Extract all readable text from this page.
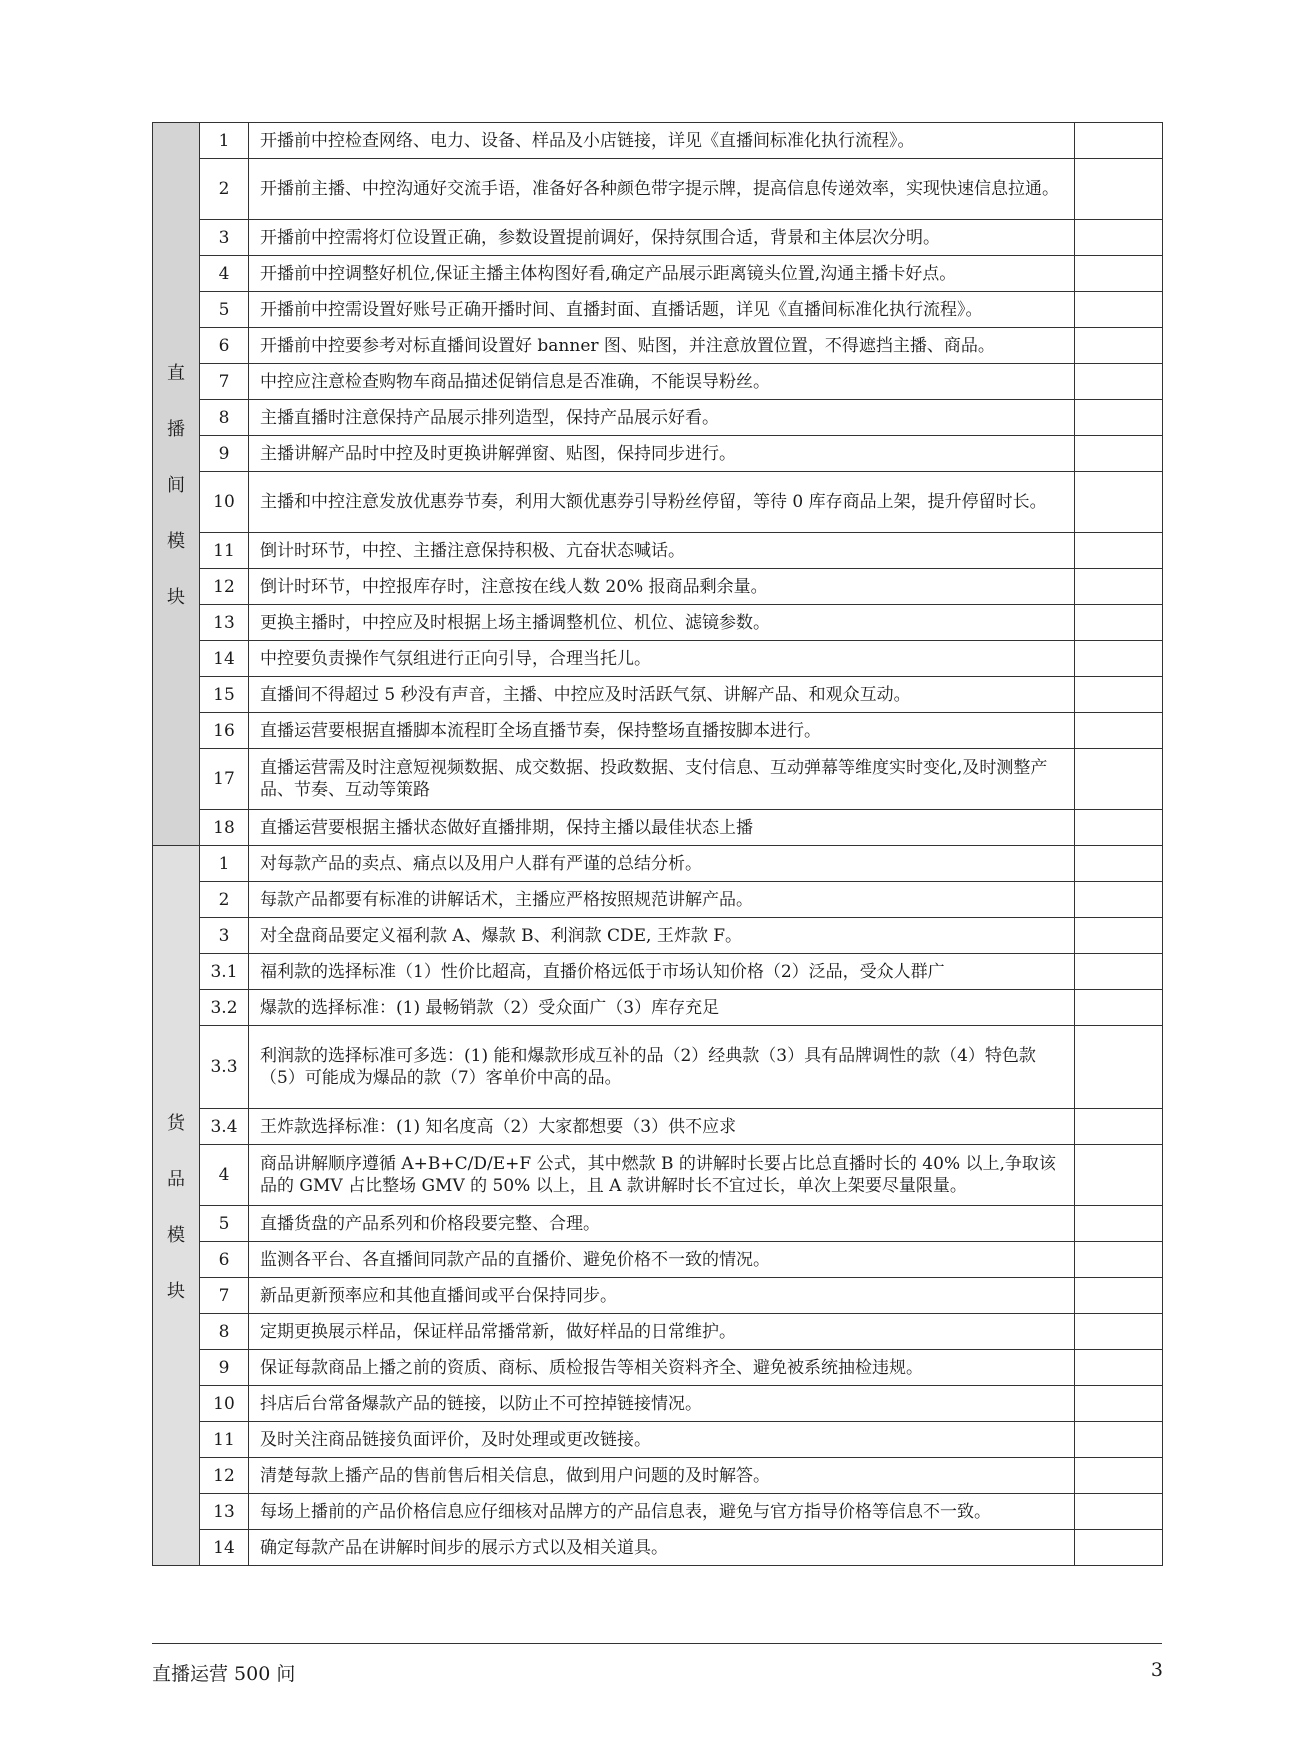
直
播
间
模
块	1	开播前中控检查网络、电力、设备、样品及小店链接，详见《直播间标准化执行流程》。	
	2	开播前主播、中控沟通好交流手语，准备好各种颜色带字提示牌，提高信息传递效率，实现快速信息拉通。	
	3	开播前中控需将灯位设置正确，参数设置提前调好，保持氛围合适，背景和主体层次分明。	
	4	开播前中控调整好机位,保证主播主体构图好看,确定产品展示距离镜头位置,沟通主播卡好点。	
	5	开播前中控需设置好账号正确开播时间、直播封面、直播话题，详见《直播间标准化执行流程》。	
	6	开播前中控要参考对标直播间设置好 banner 图、贴图，并注意放置位置，不得遮挡主播、商品。	
	7	中控应注意检查购物车商品描述促销信息是否准确，不能误导粉丝。	
	8	主播直播时注意保持产品展示排列造型，保持产品展示好看。	
	9	主播讲解产品时中控及时更换讲解弹窗、贴图，保持同步进行。	
	10	主播和中控注意发放优惠券节奏，利用大额优惠券引导粉丝停留，等待 0 库存商品上架，提升停留时长。	
	11	倒计时环节，中控、主播注意保持积极、亢奋状态喊话。	
	12	倒计时环节，中控报库存时，注意按在线人数 20% 报商品剩余量。	
	13	更换主播时，中控应及时根据上场主播调整机位、机位、滤镜参数。	
	14	中控要负责操作气氛组进行正向引导，合理当托儿。	
	15	直播间不得超过 5 秒没有声音，主播、中控应及时活跃气氛、讲解产品、和观众互动。	
	16	直播运营要根据直播脚本流程盯全场直播节奏，保持整场直播按脚本进行。	
	17	直播运营需及时注意短视频数据、成交数据、投政数据、支付信息、互动弹幕等维度实时变化,及时测整产品、节奏、互动等策路	
	18	直播运营要根据主播状态做好直播排期，保持主播以最佳状态上播	

货
品
模
块	1	对每款产品的卖点、痛点以及用户人群有严谨的总结分析。	
	2	每款产品都要有标准的讲解话术，主播应严格按照规范讲解产品。	
	3	对全盘商品要定义福利款 A、爆款 B、利润款 CDE, 王炸款 F。	
	3.1	福利款的选择标准（1）性价比超高，直播价格远低于市场认知价格（2）泛品，受众人群广	
	3.2	爆款的选择标准：(1) 最畅销款（2）受众面广（3）库存充足	
	3.3	利润款的选择标准可多选：(1) 能和爆款形成互补的品（2）经典款（3）具有品牌调性的款（4）特色款
（5）可能成为爆品的款（7）客单价中高的品。	
	3.4	王炸款选择标准：(1) 知名度高（2）大家都想要（3）供不应求	
	4	商品讲解顺序遵循 A+B+C/D/E+F 公式，其中燃款 B 的讲解时长要占比总直播时长的 40% 以上,争取该品的 GMV 占比整场 GMV 的 50% 以上，且 A 款讲解时长不宜过长，单次上架要尽量限量。	
	5	直播货盘的产品系列和价格段要完整、合理。	
	6	监测各平台、各直播间同款产品的直播价、避免价格不一致的情况。	
	7	新品更新预率应和其他直播间或平台保持同步。	
	8	定期更换展示样品，保证样品常播常新，做好样品的日常维护。	
	9	保证每款商品上播之前的资质、商标、质检报告等相关资料齐全、避免被系统抽检违规。	
	10	抖店后台常备爆款产品的链接，以防止不可控掉链接情况。	
	11	及时关注商品链接负面评价，及时处理或更改链接。	
	12	清楚每款上播产品的售前售后相关信息，做到用户问题的及时解答。	
	13	每场上播前的产品价格信息应仔细核对品牌方的产品信息表，避免与官方指导价格等信息不一致。	
	14	确定每款产品在讲解时间步的展示方式以及相关道具。	
直播运营 500 问	3
